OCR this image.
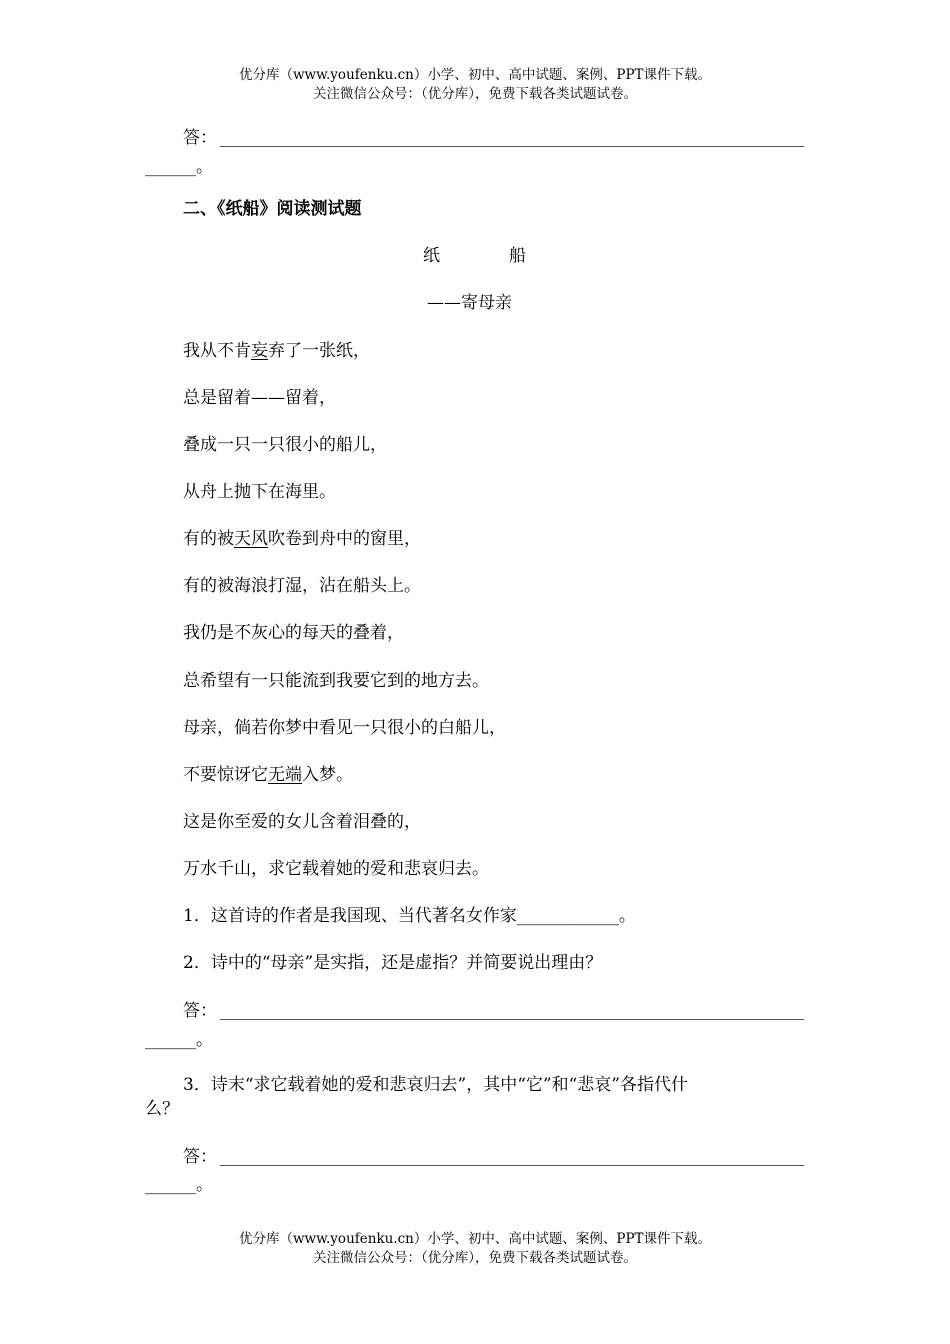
优分库（www.youfenku.cn）小学、初中、高中试题、案例、PPT课件下载。
关注微信公众号：（优分库），免费下载各类试题试卷。
答：
______。
二、《纸船》阅读测试题
纸	船
——寄母亲
我从不肯妄弃了一张纸，
总是留着——留着，
叠成一只一只很小的船儿，
从舟上抛下在海里。
有的被天风吹卷到舟中的窗里，
有的被海浪打湿，沾在船头上。
我仍是不灰心的每天的叠着，
总希望有一只能流到我要它到的地方去。
母亲，倘若你梦中看见一只很小的白船儿，
不要惊讶它无端入梦。
这是你至爱的女儿含着泪叠的，
万水千山，求它载着她的爱和悲哀归去。
1．这首诗的作者是我国现、当代著名女作家____________。
2．诗中的“母亲”是实指，还是虚指？并简要说出理由？
答：
______。
3．诗末“求它载着她的爱和悲哀归去”，其中“它”和“悲哀”各指代什
么？
答：
______。
优分库（www.youfenku.cn）小学、初中、高中试题、案例、PPT课件下载。
关注微信公众号：（优分库），免费下载各类试题试卷。
